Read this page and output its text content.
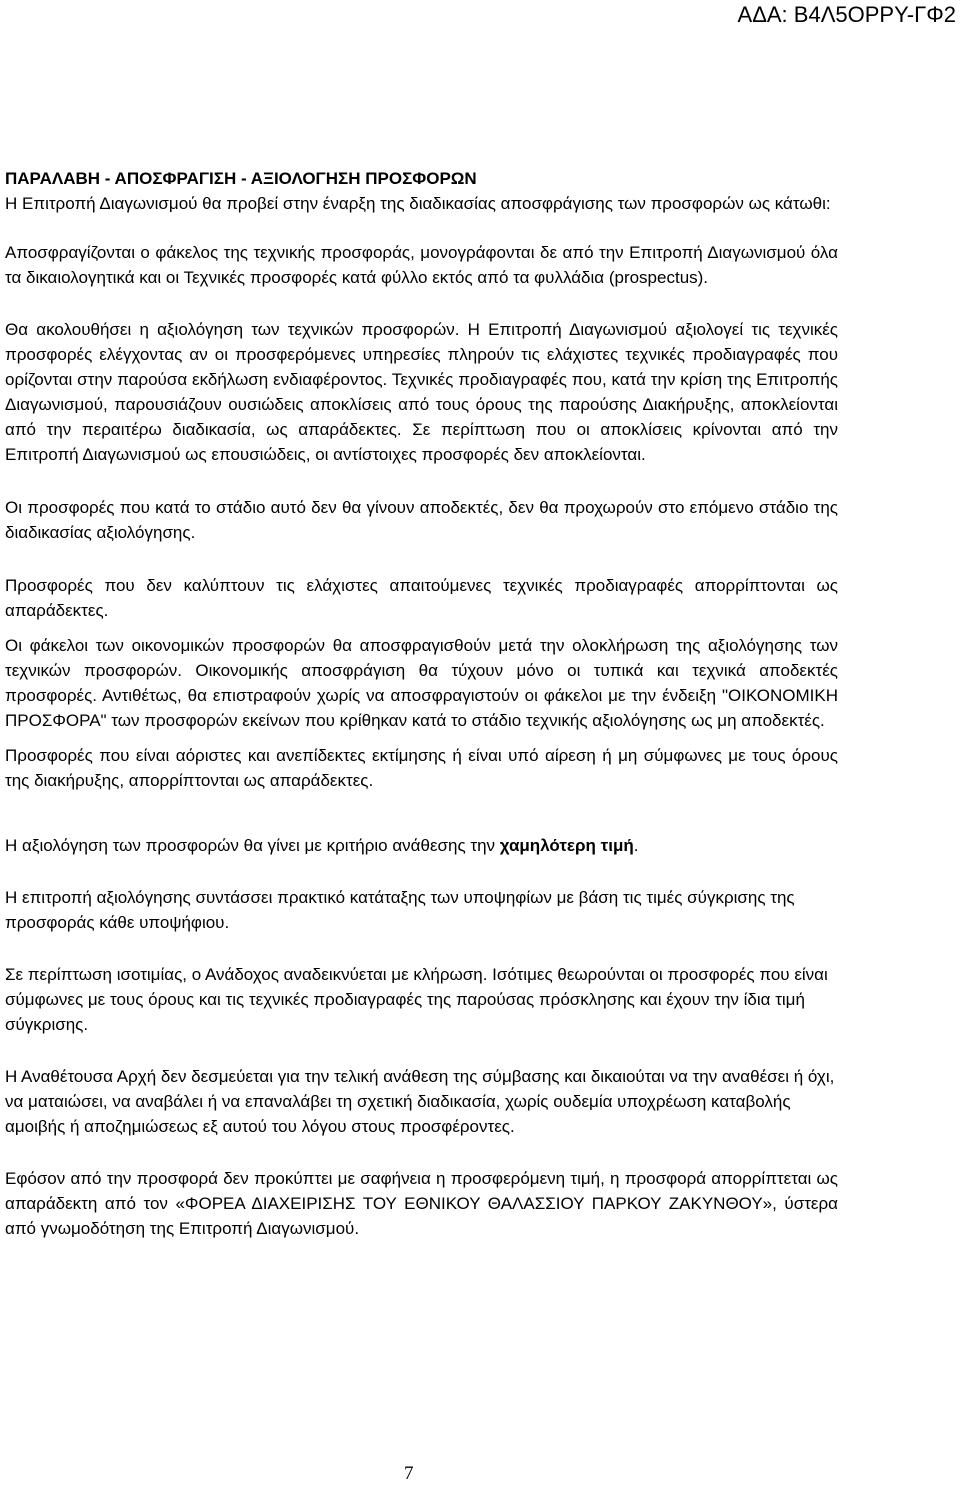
ΑΔΑ: Β4Λ5ΟΡΡΥ-ΓΦ2
ΠΑΡΑΛΑΒΗ - ΑΠΟΣΦΡΑΓΙΣΗ - ΑΞΙΟΛΟΓΗΣΗ ΠΡΟΣΦΟΡΩΝ

Η Επιτροπή Διαγωνισμού θα προβεί στην έναρξη της διαδικασίας αποσφράγισης των προσφορών ως κάτωθι:

Αποσφραγίζονται ο φάκελος της τεχνικής προσφοράς, μονογράφονται δε από την Επιτροπή Διαγωνισμού όλα τα δικαιολογητικά και οι Τεχνικές προσφορές κατά φύλλο εκτός από τα φυλλάδια (prospectus).

Θα ακολουθήσει η αξιολόγηση των τεχνικών προσφορών. Η Επιτροπή Διαγωνισμού αξιολογεί τις τεχνικές προσφορές ελέγχοντας αν οι προσφερόμενες υπηρεσίες πληρούν τις ελάχιστες τεχνικές προδιαγραφές που ορίζονται στην παρούσα εκδήλωση ενδιαφέροντος. Τεχνικές προδιαγραφές που, κατά την κρίση της Επιτροπής Διαγωνισμού, παρουσιάζουν ουσιώδεις αποκλίσεις από τους όρους της παρούσης Διακήρυξης, αποκλείονται από την περαιτέρω διαδικασία, ως απαράδεκτες. Σε περίπτωση που οι αποκλίσεις κρίνονται από την Επιτροπή Διαγωνισμού ως επουσιώδεις, οι αντίστοιχες προσφορές δεν αποκλείονται.

Οι προσφορές που κατά το στάδιο αυτό δεν θα γίνουν αποδεκτές, δεν θα προχωρούν στο επόμενο στάδιο της διαδικασίας αξιολόγησης.

Προσφορές που δεν καλύπτουν τις ελάχιστες απαιτούμενες τεχνικές προδιαγραφές απορρίπτονται ως απαράδεκτες.

Οι φάκελοι των οικονομικών προσφορών θα αποσφραγισθούν μετά την ολοκλήρωση της αξιολόγησης των τεχνικών προσφορών. Οικονομικής αποσφράγιση θα τύχουν μόνο οι τυπικά και τεχνικά αποδεκτές προσφορές. Αντιθέτως, θα επιστραφούν χωρίς να αποσφραγιστούν οι φάκελοι με την ένδειξη "ΟΙΚΟΝΟΜΙΚΗ ΠΡΟΣΦΟΡΑ" των προσφορών εκείνων που κρίθηκαν κατά το στάδιο τεχνικής αξιολόγησης ως μη αποδεκτές.

Προσφορές που είναι αόριστες και ανεπίδεκτες εκτίμησης ή είναι υπό αίρεση ή μη σύμφωνες με τους όρους της διακήρυξης, απορρίπτονται ως απαράδεκτες.

Η αξιολόγηση των προσφορών θα γίνει με κριτήριο ανάθεσης την χαμηλότερη τιμή.

Η επιτροπή αξιολόγησης συντάσσει πρακτικό κατάταξης των υποψηφίων με βάση τις τιμές σύγκρισης της προσφοράς κάθε υποψήφιου.

Σε περίπτωση ισοτιμίας, ο Ανάδοχος αναδεικνύεται με κλήρωση. Ισότιμες θεωρούνται οι προσφορές που είναι σύμφωνες με τους όρους και τις τεχνικές προδιαγραφές της παρούσας πρόσκλησης και έχουν την ίδια τιμή σύγκρισης.

Η Αναθέτουσα Αρχή δεν δεσμεύεται για την τελική ανάθεση της σύμβασης και δικαιούται να την αναθέσει ή όχι, να ματαιώσει, να αναβάλει ή να επαναλάβει τη σχετική διαδικασία, χωρίς ουδεμία υποχρέωση καταβολής αμοιβής ή αποζημιώσεως εξ αυτού του λόγου στους προσφέροντες.

Εφόσον από την προσφορά δεν προκύπτει με σαφήνεια η προσφερόμενη τιμή, η προσφορά απορρίπτεται ως απαράδεκτη από τον «ΦΟΡΕΑ ΔΙΑΧΕΙΡΙΣΗΣ ΤΟΥ ΕΘΝΙΚΟΥ ΘΑΛΑΣΣΙΟΥ ΠΑΡΚΟΥ ΖΑΚΥΝΘΟΥ», ύστερα από γνωμοδότηση της Επιτροπή Διαγωνισμού.

7
